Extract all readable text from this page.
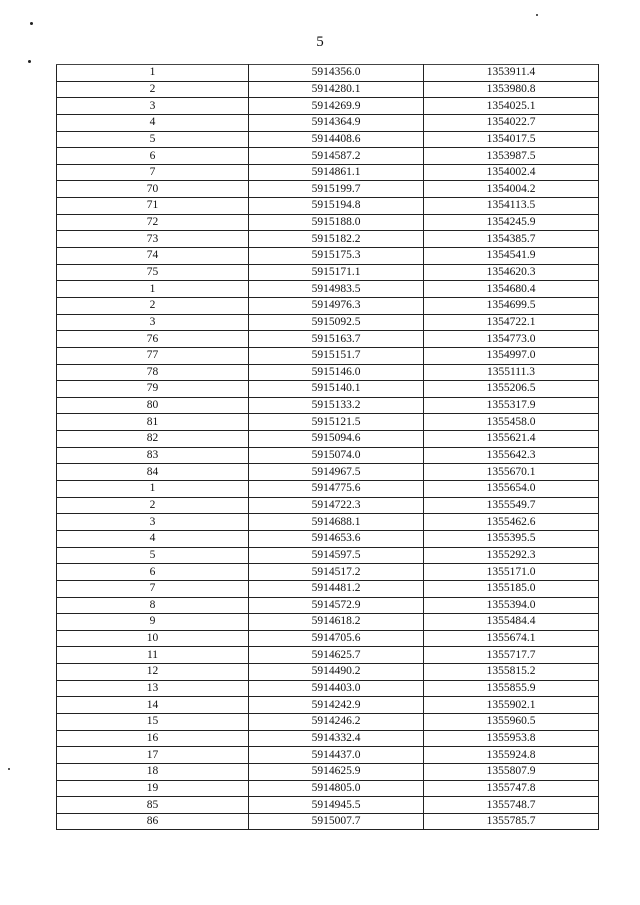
5
1	5914356.0	1353911.4
2	5914280.1	1353980.8
3	5914269.9	1354025.1
4	5914364.9	1354022.7
5	5914408.6	1354017.5
6	5914587.2	1353987.5
7	5914861.1	1354002.4
70	5915199.7	1354004.2
71	5915194.8	1354113.5
72	5915188.0	1354245.9
73	5915182.2	1354385.7
74	5915175.3	1354541.9
75	5915171.1	1354620.3
1	5914983.5	1354680.4
2	5914976.3	1354699.5
3	5915092.5	1354722.1
76	5915163.7	1354773.0
77	5915151.7	1354997.0
78	5915146.0	1355111.3
79	5915140.1	1355206.5
80	5915133.2	1355317.9
81	5915121.5	1355458.0
82	5915094.6	1355621.4
83	5915074.0	1355642.3
84	5914967.5	1355670.1
1	5914775.6	1355654.0
2	5914722.3	1355549.7
3	5914688.1	1355462.6
4	5914653.6	1355395.5
5	5914597.5	1355292.3
6	5914517.2	1355171.0
7	5914481.2	1355185.0
8	5914572.9	1355394.0
9	5914618.2	1355484.4
10	5914705.6	1355674.1
11	5914625.7	1355717.7
12	5914490.2	1355815.2
13	5914403.0	1355855.9
14	5914242.9	1355902.1
15	5914246.2	1355960.5
16	5914332.4	1355953.8
17	5914437.0	1355924.8
18	5914625.9	1355807.9
19	5914805.0	1355747.8
85	5914945.5	1355748.7
86	5915007.7	1355785.7
